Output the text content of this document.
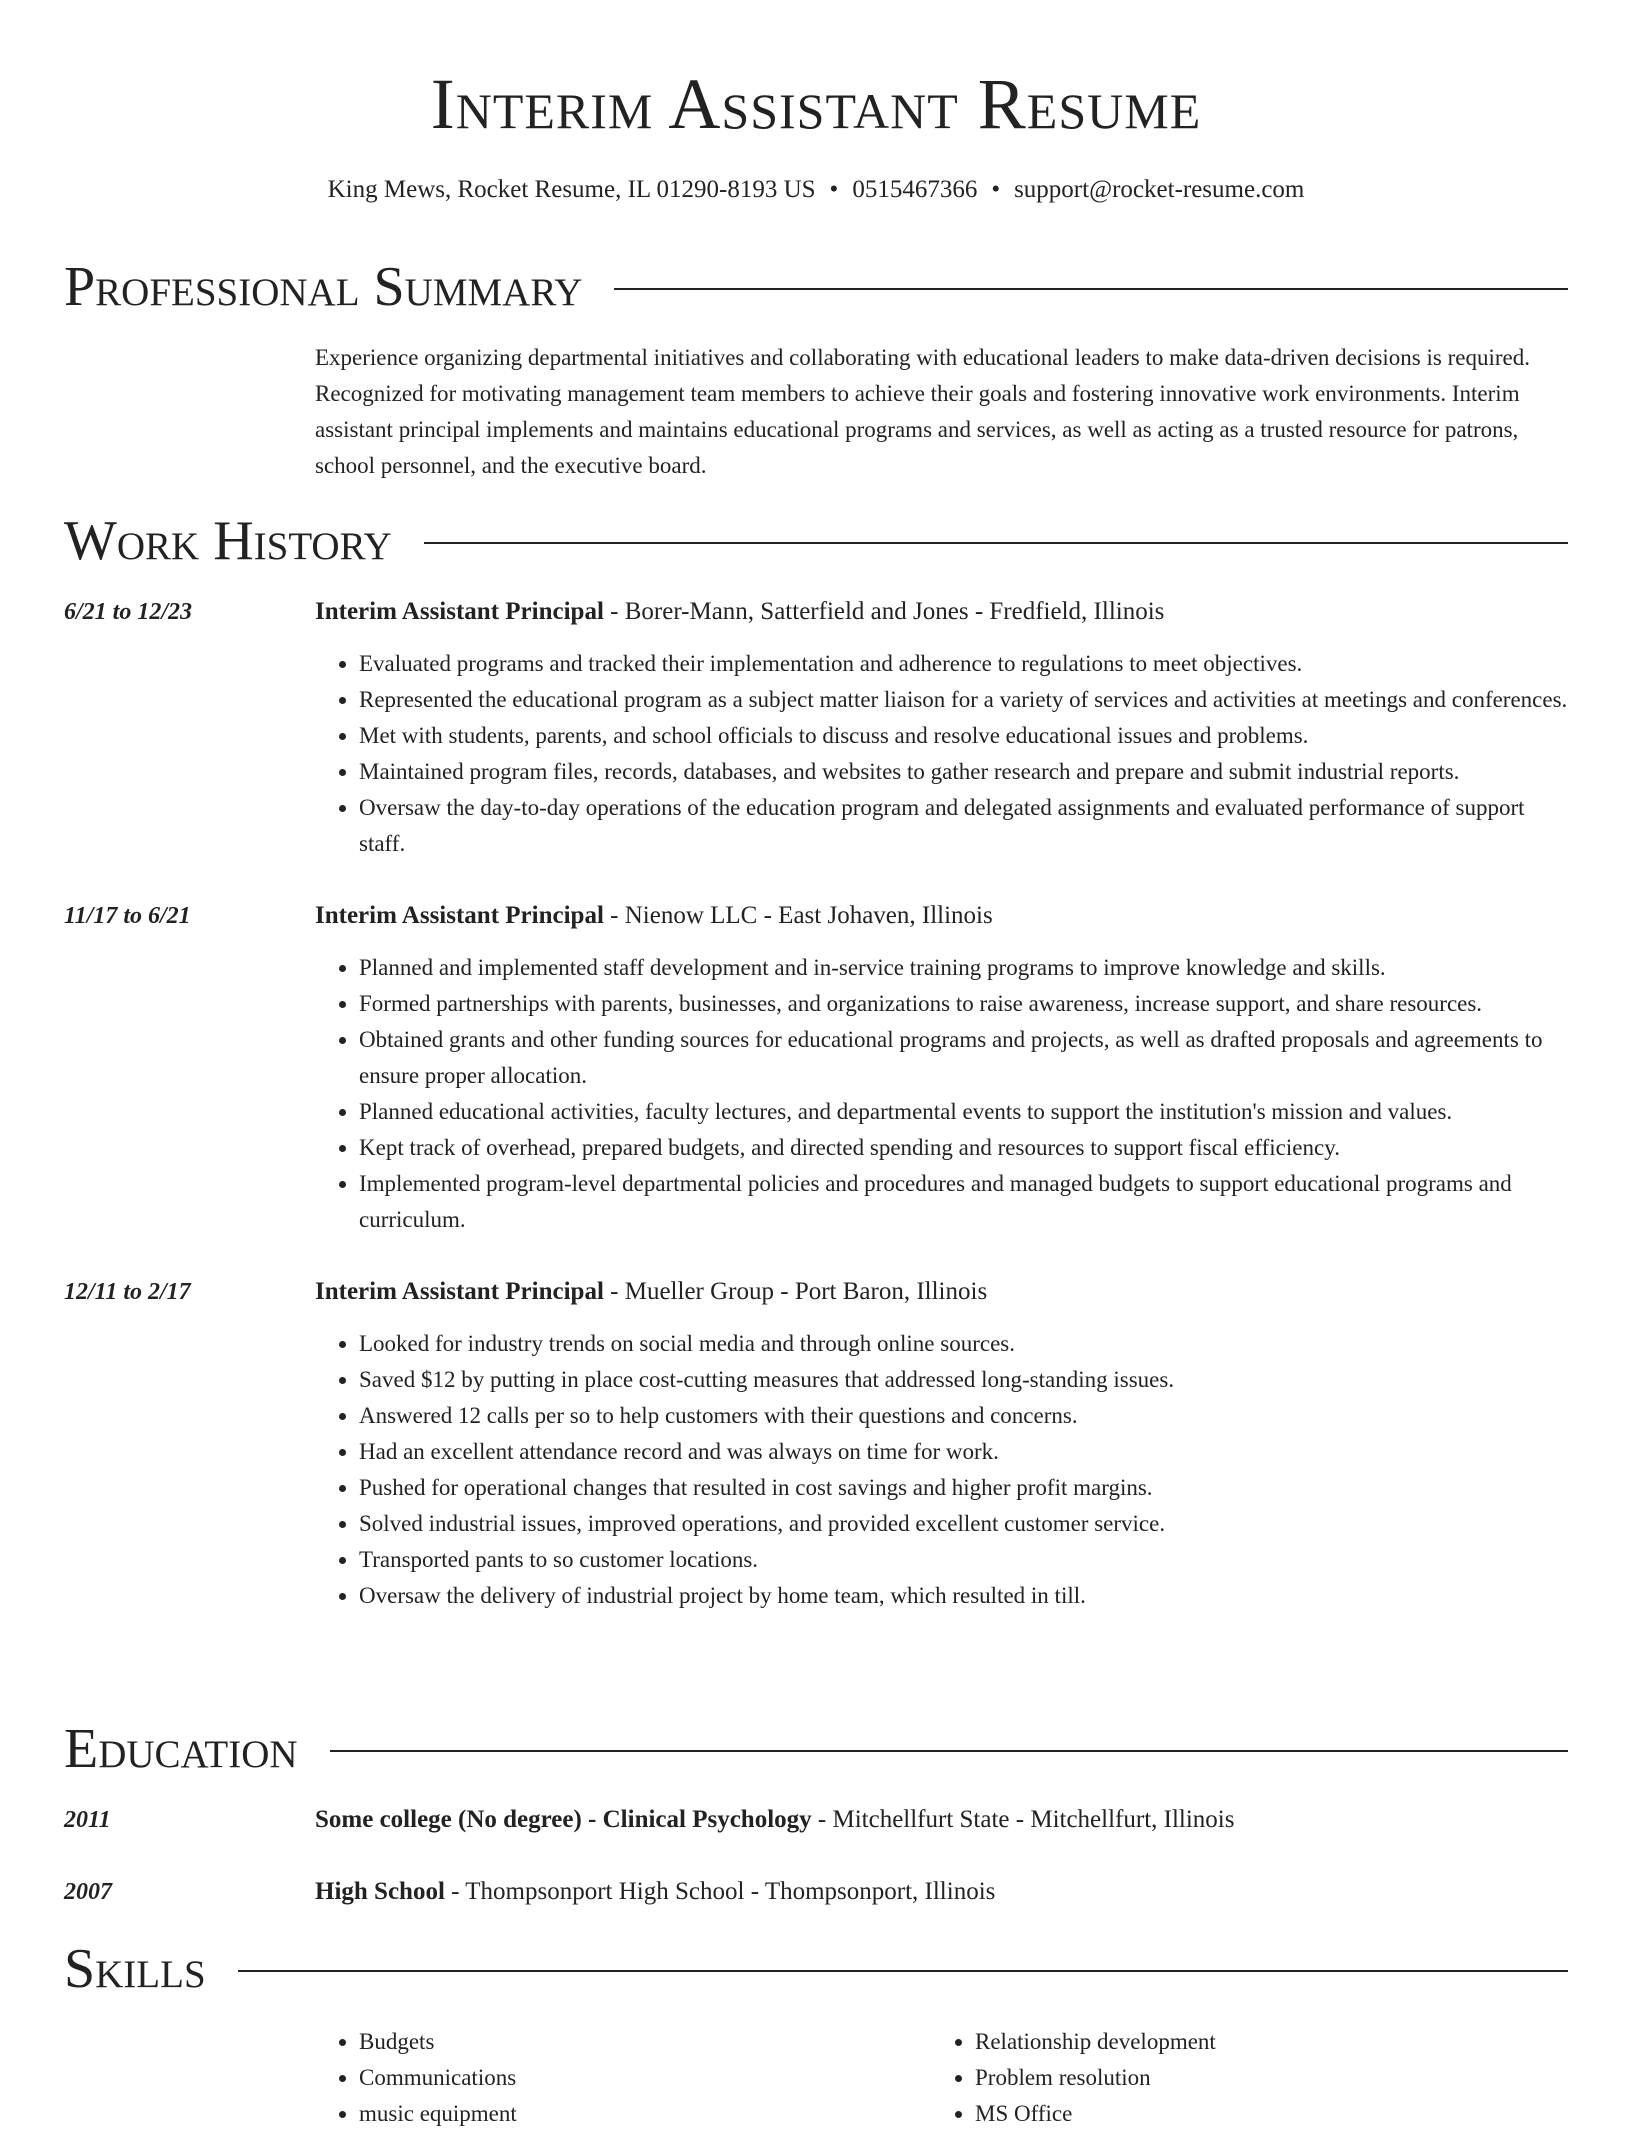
Interim Assistant Resume
King Mews, Rocket Resume, IL 01290-8193 US • 0515467366 • support@rocket-resume.com
Professional Summary
Experience organizing departmental initiatives and collaborating with educational leaders to make data-driven decisions is required. Recognized for motivating management team members to achieve their goals and fostering innovative work environments. Interim assistant principal implements and maintains educational programs and services, as well as acting as a trusted resource for patrons, school personnel, and the executive board.
Work History
6/21 to 12/23	Interim Assistant Principal - Borer-Mann, Satterfield and Jones - Fredfield, Illinois
• Evaluated programs and tracked their implementation and adherence to regulations to meet objectives.
• Represented the educational program as a subject matter liaison for a variety of services and activities at meetings and conferences.
• Met with students, parents, and school officials to discuss and resolve educational issues and problems.
• Maintained program files, records, databases, and websites to gather research and prepare and submit industrial reports.
• Oversaw the day-to-day operations of the education program and delegated assignments and evaluated performance of support staff.
11/17 to 6/21	Interim Assistant Principal - Nienow LLC - East Johaven, Illinois
• Planned and implemented staff development and in-service training programs to improve knowledge and skills.
• Formed partnerships with parents, businesses, and organizations to raise awareness, increase support, and share resources.
• Obtained grants and other funding sources for educational programs and projects, as well as drafted proposals and agreements to ensure proper allocation.
• Planned educational activities, faculty lectures, and departmental events to support the institution's mission and values.
• Kept track of overhead, prepared budgets, and directed spending and resources to support fiscal efficiency.
• Implemented program-level departmental policies and procedures and managed budgets to support educational programs and curriculum.
12/11 to 2/17	Interim Assistant Principal - Mueller Group - Port Baron, Illinois
• Looked for industry trends on social media and through online sources.
• Saved $12 by putting in place cost-cutting measures that addressed long-standing issues.
• Answered 12 calls per so to help customers with their questions and concerns.
• Had an excellent attendance record and was always on time for work.
• Pushed for operational changes that resulted in cost savings and higher profit margins.
• Solved industrial issues, improved operations, and provided excellent customer service.
• Transported pants to so customer locations.
• Oversaw the delivery of industrial project by home team, which resulted in till.
Education
2011	Some college (No degree) - Clinical Psychology - Mitchellfurt State - Mitchellfurt, Illinois
2007	High School - Thompsonport High School - Thompsonport, Illinois
Skills
• Budgets
• Communications
• music equipment
• Relationship development
• Problem resolution
• MS Office
